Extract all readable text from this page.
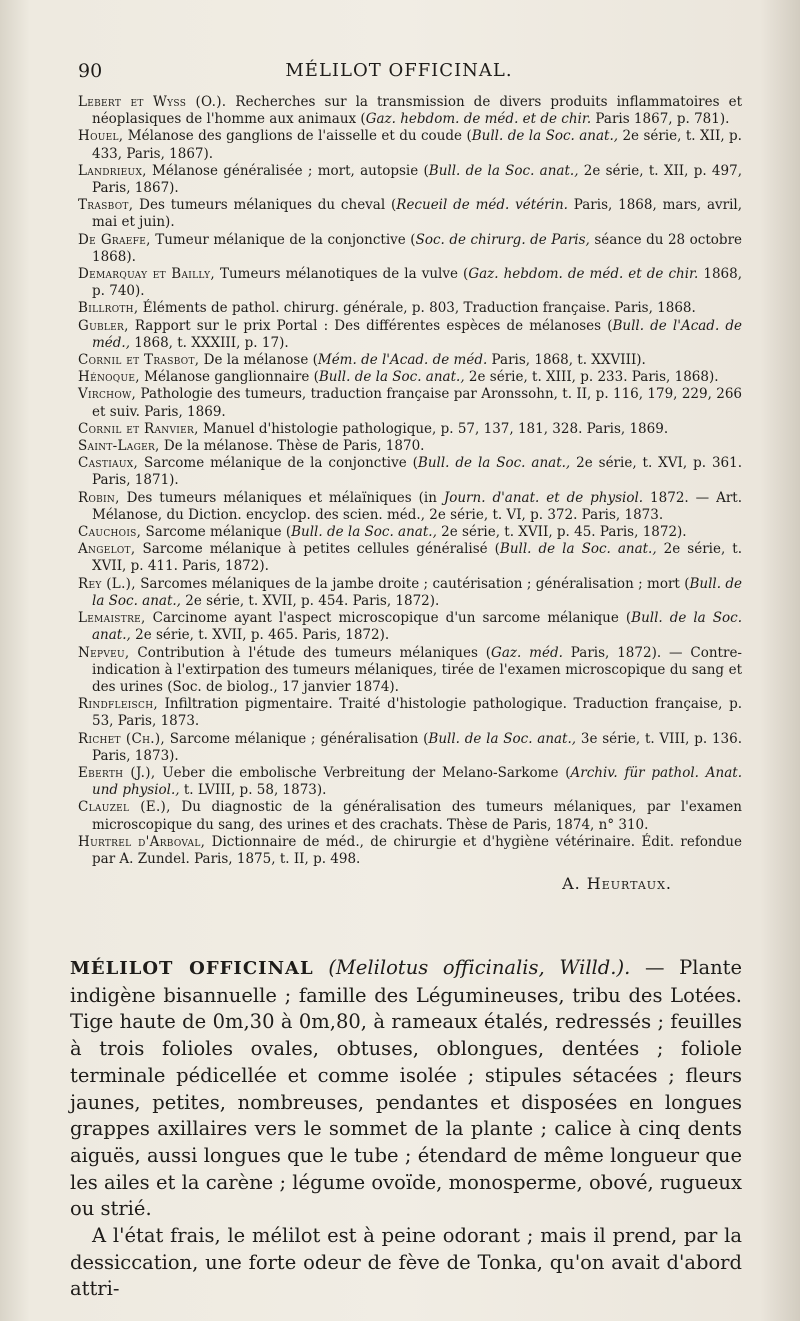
90	MÉLILOT OFFICINAL.

Lebert et Wyss (O.). Recherches sur la transmission de divers produits inflammatoires et néoplasiques de l'homme aux animaux (Gaz. hebdom. de méd. et de chir. Paris 1867, p. 781).

Houel, Mélanose des ganglions de l'aisselle et du coude (Bull. de la Soc. anat., 2e série, t. XII, p. 433, Paris, 1867).

Landrieux, Mélanose généralisée ; mort, autopsie (Bull. de la Soc. anat., 2e série, t. XII, p. 497, Paris, 1867).

Trasbot, Des tumeurs mélaniques du cheval (Recueil de méd. vétérin. Paris, 1868, mars, avril, mai et juin).

De Graefe, Tumeur mélanique de la conjonctive (Soc. de chirurg. de Paris, séance du 28 octobre 1868).

Demarquay et Bailly, Tumeurs mélanotiques de la vulve (Gaz. hebdom. de méd. et de chir. 1868, p. 740).

Billroth, Éléments de pathol. chirurg. générale, p. 803, Traduction française. Paris, 1868.

Gubler, Rapport sur le prix Portal : Des différentes espèces de mélanoses (Bull. de l'Acad. de méd., 1868, t. XXXIII, p. 17).

Cornil et Trasbot, De la mélanose (Mém. de l'Acad. de méd. Paris, 1868, t. XXVIII).

Hénoque, Mélanose ganglionnaire (Bull. de la Soc. anat., 2e série, t. XIII, p. 233. Paris, 1868).

Virchow, Pathologie des tumeurs, traduction française par Aronssohn, t. II, p. 116, 179, 229, 266 et suiv. Paris, 1869.

Cornil et Ranvier, Manuel d'histologie pathologique, p. 57, 137, 181, 328. Paris, 1869.

Saint-Lager, De la mélanose. Thèse de Paris, 1870.

Castiaux, Sarcome mélanique de la conjonctive (Bull. de la Soc. anat., 2e série, t. XVI, p. 361. Paris, 1871).

Robin, Des tumeurs mélaniques et mélaïniques (in Journ. d'anat. et de physiol. 1872. — Art. Mélanose, du Diction. encyclop. des scien. méd., 2e série, t. VI, p. 372. Paris, 1873.

Cauchois, Sarcome mélanique (Bull. de la Soc. anat., 2e série, t. XVII, p. 45. Paris, 1872).

Angelot, Sarcome mélanique à petites cellules généralisé (Bull. de la Soc. anat., 2e série, t. XVII, p. 411. Paris, 1872).

Rey (L.), Sarcomes mélaniques de la jambe droite ; cautérisation ; généralisation ; mort (Bull. de la Soc. anat., 2e série, t. XVII, p. 454. Paris, 1872).

Lemaistre, Carcinome ayant l'aspect microscopique d'un sarcome mélanique (Bull. de la Soc. anat., 2e série, t. XVII, p. 465. Paris, 1872).

Nepveu, Contribution à l'étude des tumeurs mélaniques (Gaz. méd. Paris, 1872). — Contre-indication à l'extirpation des tumeurs mélaniques, tirée de l'examen microscopique du sang et des urines (Soc. de biolog., 17 janvier 1874).

Rindfleisch, Infiltration pigmentaire. Traité d'histologie pathologique. Traduction française, p. 53, Paris, 1873.

Richet (Ch.), Sarcome mélanique ; généralisation (Bull. de la Soc. anat., 3e série, t. VIII, p. 136. Paris, 1873).

Eberth (J.), Ueber die embolische Verbreitung der Melano-Sarkome (Archiv. für pathol. Anat. und physiol., t. LVIII, p. 58, 1873).

Clauzel (E.), Du diagnostic de la généralisation des tumeurs mélaniques, par l'examen microscopique du sang, des urines et des crachats. Thèse de Paris, 1874, n° 310.

Hurtrel d'Arboval, Dictionnaire de méd., de chirurgie et d'hygiène vétérinaire. Édit. refondue par A. Zundel. Paris, 1875, t. II, p. 498.

A. Heurtaux.

MÉLILOT OFFICINAL (Melilotus officinalis, Willd.). — Plante indigène bisannuelle ; famille des Légumineuses, tribu des Lotées. Tige haute de 0m,30 à 0m,80, à rameaux étalés, redressés ; feuilles à trois folioles ovales, obtuses, oblongues, dentées ; foliole terminale pédicellée et comme isolée ; stipules sétacées ; fleurs jaunes, petites, nombreuses, pendantes et disposées en longues grappes axillaires vers le sommet de la plante ; calice à cinq dents aiguës, aussi longues que le tube ; étendard de même longueur que les ailes et la carène ; légume ovoïde, monosperme, obové, rugueux ou strié.

A l'état frais, le mélilot est à peine odorant ; mais il prend, par la dessiccation, une forte odeur de fève de Tonka, qu'on avait d'abord attri-
